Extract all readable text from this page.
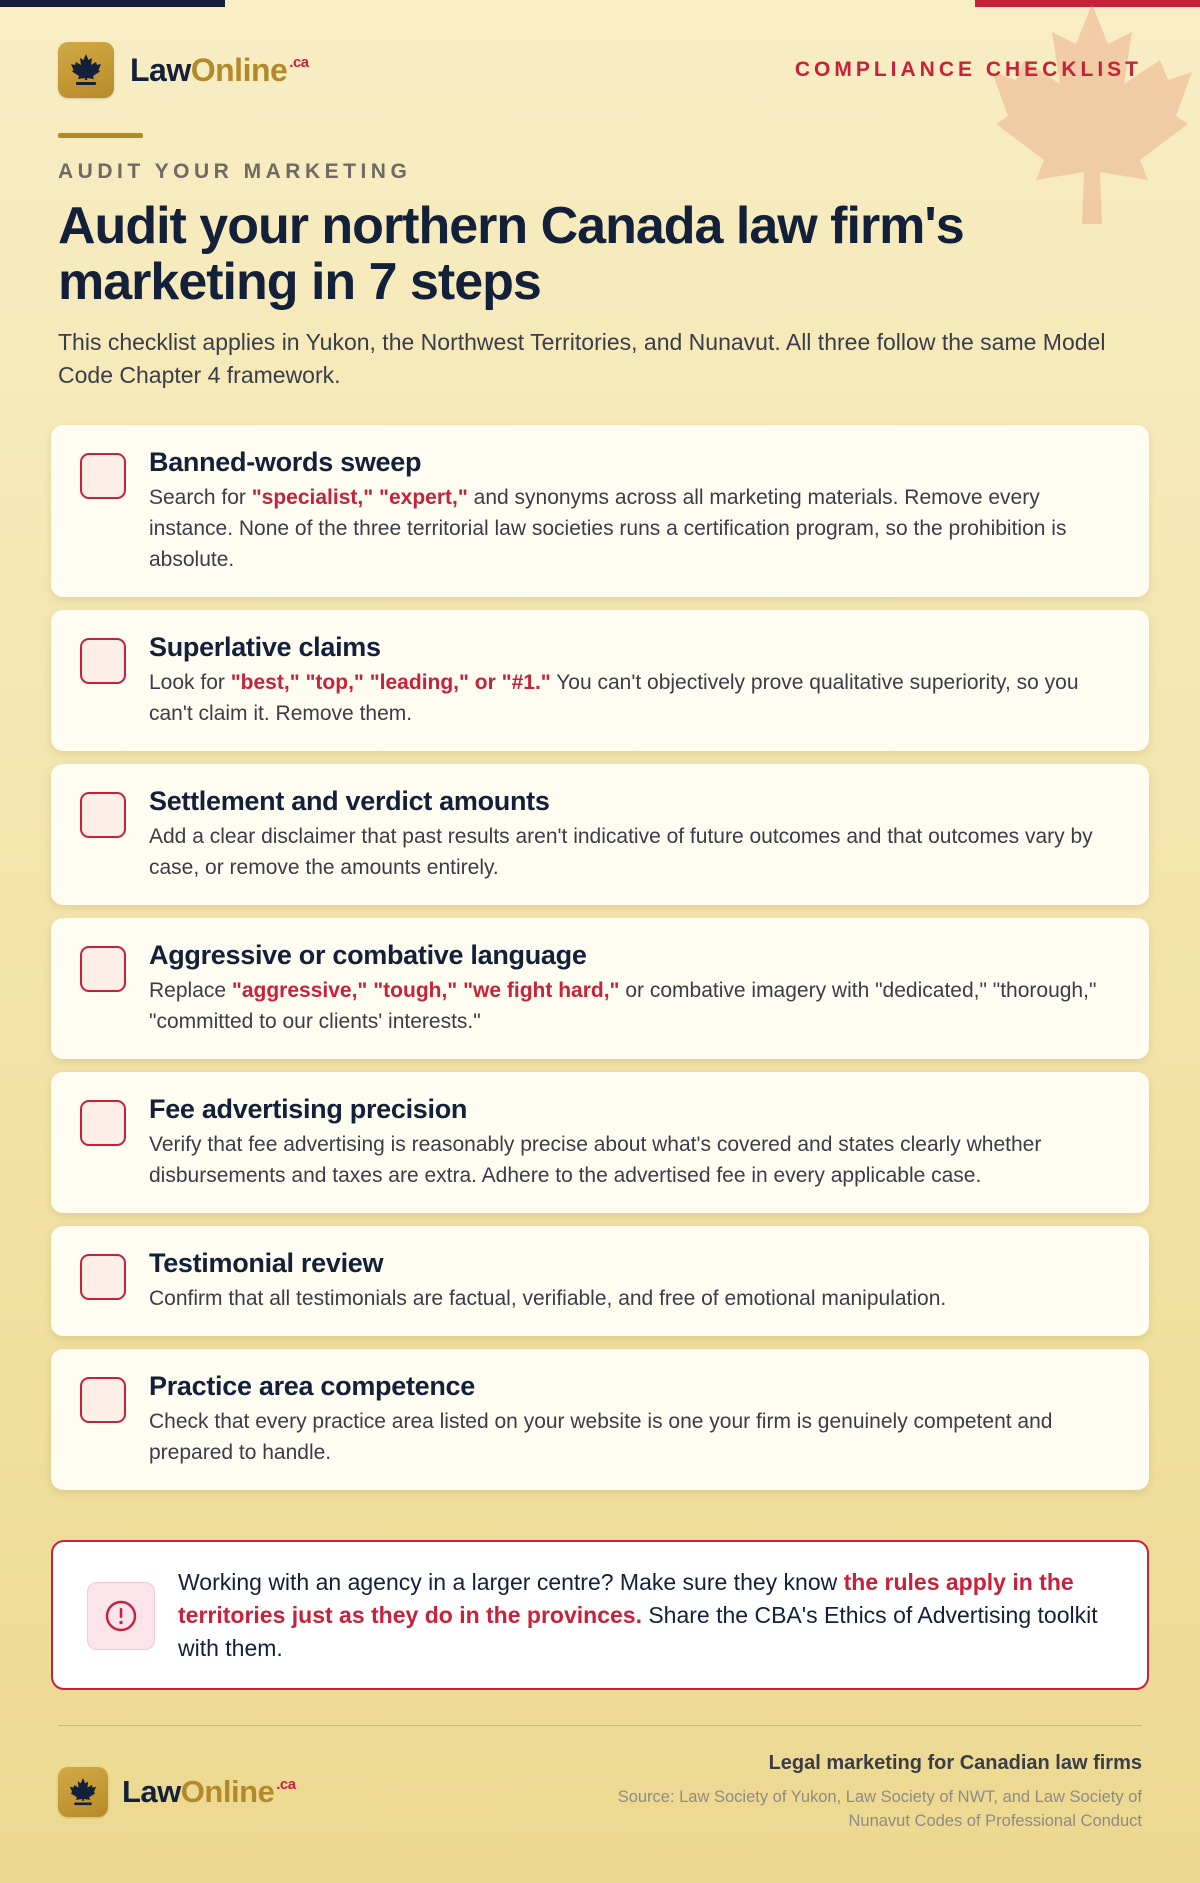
Law Online .ca	COMPLIANCE CHECKLIST
AUDIT YOUR MARKETING
Audit your northern Canada law firm's marketing in 7 steps

This checklist applies in Yukon, the Northwest Territories, and Nunavut. All three follow the same Model Code Chapter 4 framework.

Banned-words sweep

Search for "specialist," "expert," and synonyms across all marketing materials. Remove every instance. None of the three territorial law societies runs a certification program, so the prohibition is absolute.

Superlative claims

Look for "best," "top," "leading," or "#1." You can't objectively prove qualitative superiority, so you can't claim it. Remove them.

Settlement and verdict amounts

Add a clear disclaimer that past results aren't indicative of future outcomes and that outcomes vary by case, or remove the amounts entirely.

Aggressive or combative language

Replace "aggressive," "tough," "we fight hard," or combative imagery with "dedicated," "thorough," "committed to our clients' interests."

Fee advertising precision

Verify that fee advertising is reasonably precise about what's covered and states clearly whether disbursements and taxes are extra. Adhere to the advertised fee in every applicable case.

Testimonial review

Confirm that all testimonials are factual, verifiable, and free of emotional manipulation.

Practice area competence

Check that every practice area listed on your website is one your firm is genuinely competent and prepared to handle.

Working with an agency in a larger centre? Make sure they know the rules apply in the territories just as they do in the provinces. Share the CBA's Ethics of Advertising toolkit with them.

Law Online .ca
Legal marketing for Canadian law firms
Source: Law Society of Yukon, Law Society of NWT, and Law Society of Nunavut Codes of Professional Conduct
